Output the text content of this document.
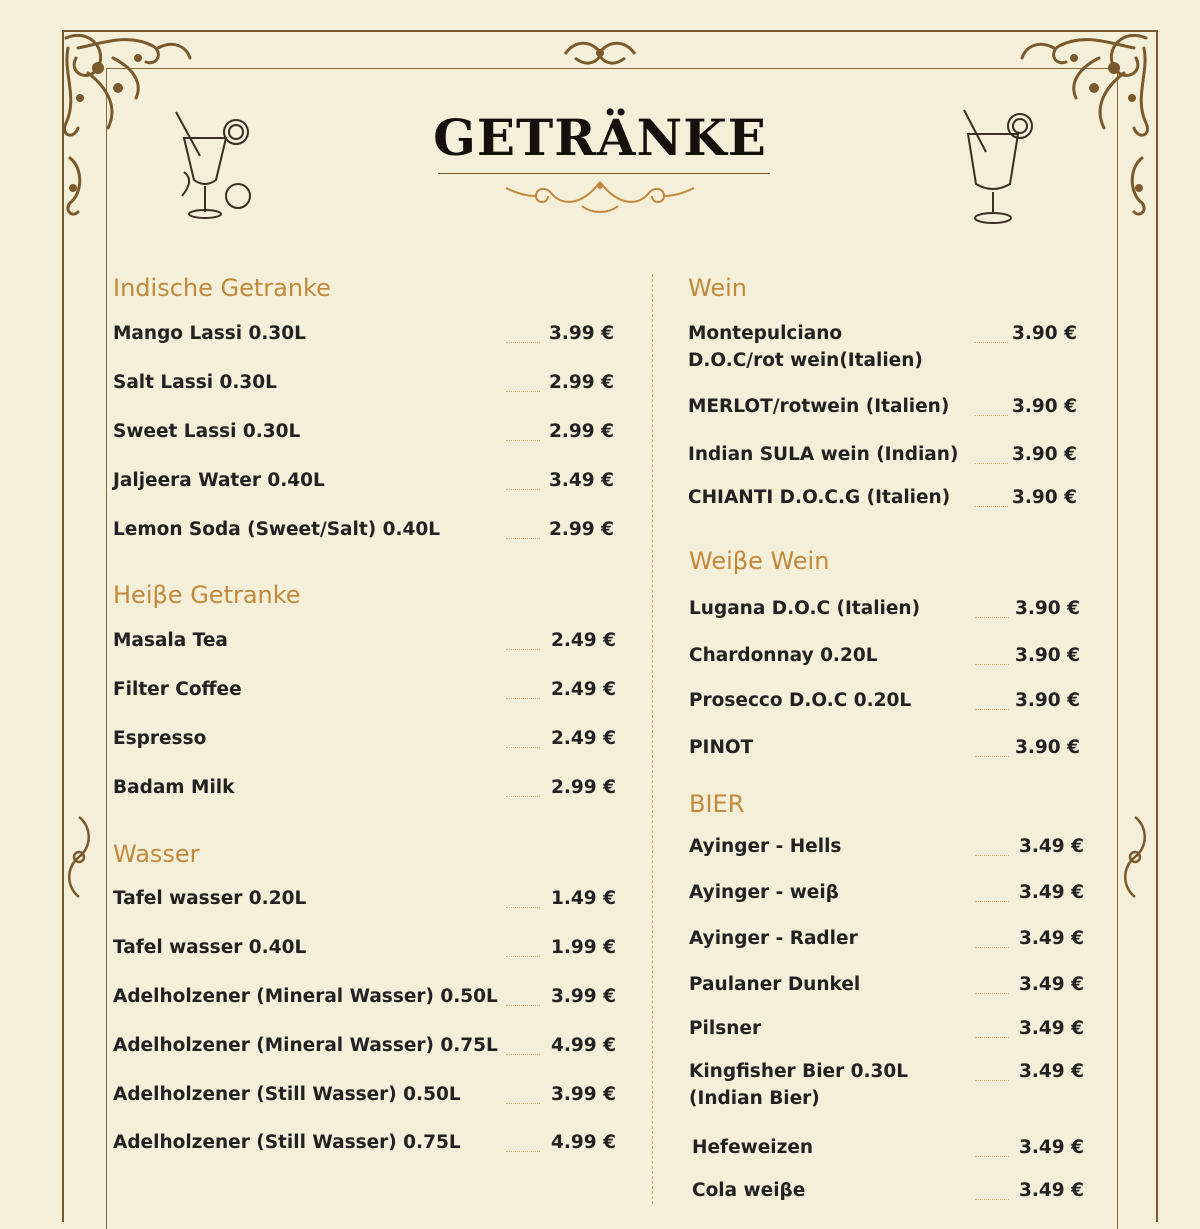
GETRÄNKE
Indische Getranke
Mango Lassi 0.30L	3.99 €
Salt Lassi 0.30L	2.99 €
Sweet Lassi 0.30L	2.99 €
Jaljeera Water 0.40L	3.49 €
Lemon Soda (Sweet/Salt) 0.40L	2.99 €
Heiβe Getranke
Masala Tea	2.49 €
Filter Coffee	2.49 €
Espresso	2.49 €
Badam Milk	2.99 €
Wasser
Tafel wasser 0.20L	1.49 €
Tafel wasser 0.40L	1.99 €
Adelholzener (Mineral Wasser) 0.50L	3.99 €
Adelholzener (Mineral Wasser) 0.75L	4.99 €
Adelholzener (Still Wasser) 0.50L	3.99 €
Adelholzener (Still Wasser) 0.75L	4.99 €
Wein
Montepulciano
D.O.C/rot wein(Italien)
3.90 €
MERLOT/rotwein (Italien)	3.90 €
Indian SULA wein (Indian)	3.90 €
CHIANTI D.O.C.G (Italien)	3.90 €
Weiβe Wein
Lugana D.O.C (Italien)	3.90 €
Chardonnay 0.20L	3.90 €
Prosecco D.O.C 0.20L	3.90 €
PINOT	3.90 €
BIER
Ayinger - Hells	3.49 €
Ayinger - weiβ	3.49 €
Ayinger - Radler	3.49 €
Paulaner Dunkel	3.49 €
Pilsner	3.49 €
Kingfisher Bier 0.30L
(Indian Bier)
3.49 €
Hefeweizen	3.49 €
Cola weiβe	3.49 €
